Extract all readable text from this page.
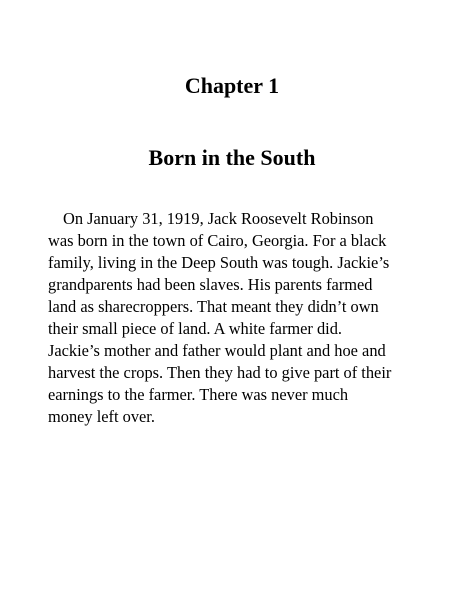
Chapter 1
Born in the South

On January 31, 1919, Jack Roosevelt Robinson
was born in the town of Cairo, Georgia. For a black
family, living in the Deep South was tough. Jackie’s
grandparents had been slaves. His parents farmed
land as sharecroppers. That meant they didn’t own
their small piece of land. A white farmer did.
Jackie’s mother and father would plant and hoe and
harvest the crops. Then they had to give part of their
earnings to the farmer. There was never much
money left over.
